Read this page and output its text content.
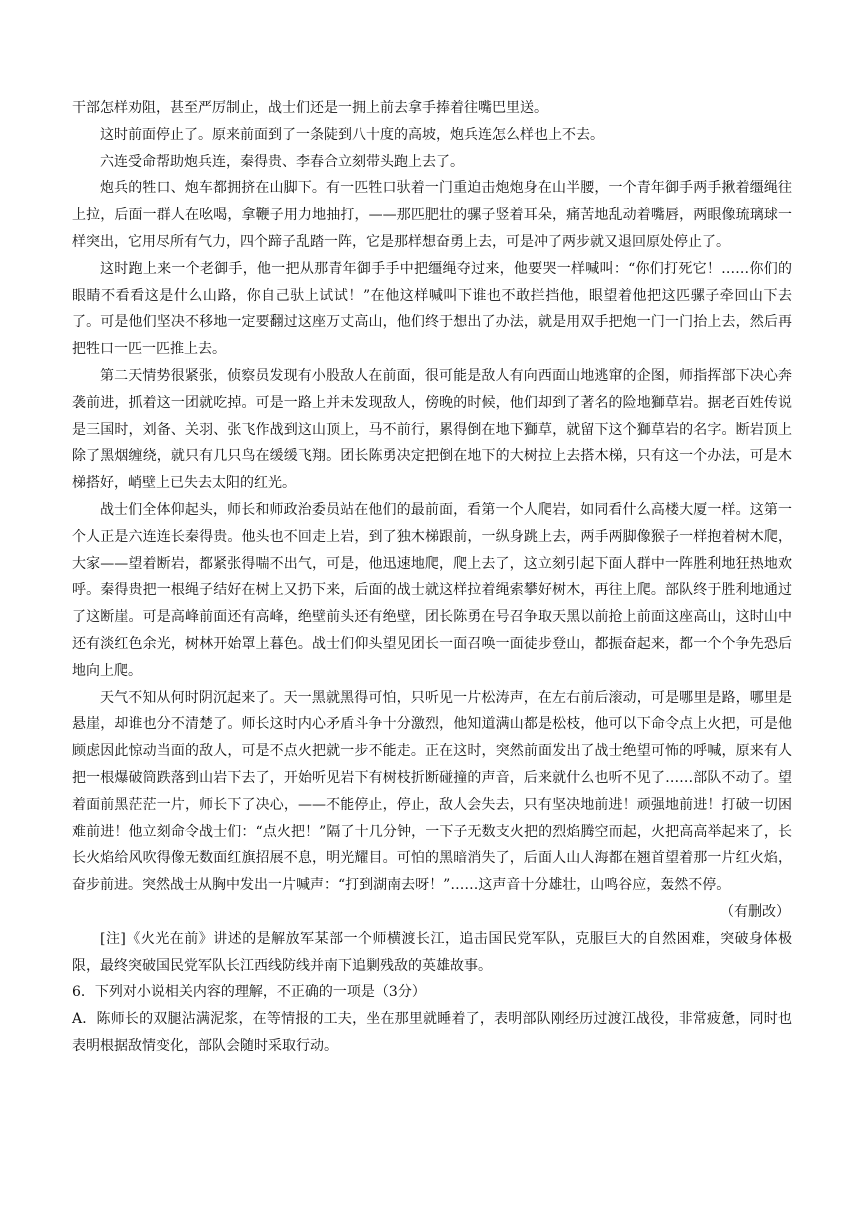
干部怎样劝阻，甚至严厉制止，战士们还是一拥上前去拿手捧着往嘴巴里送。

这时前面停止了。原来前面到了一条陡到八十度的高坡，炮兵连怎么样也上不去。

六连受命帮助炮兵连，秦得贵、李春合立刻带头跑上去了。

炮兵的牲口、炮车都拥挤在山脚下。有一匹牲口驮着一门重迫击炮炮身在山半腰，一个青年御手两手揪着缰绳往上拉，后面一群人在吆喝，拿鞭子用力地抽打，——那匹肥壮的骡子竖着耳朵，痛苦地乱动着嘴唇，两眼像琉璃球一样突出，它用尽所有气力，四个蹄子乱踏一阵，它是那样想奋勇上去，可是冲了两步就又退回原处停止了。

这时跑上来一个老御手，他一把从那青年御手手中把缰绳夺过来，他要哭一样喊叫：“你们打死它！……你们的眼睛不看看这是什么山路，你自己驮上试试！”在他这样喊叫下谁也不敢拦挡他，眼望着他把这匹骡子牵回山下去了。可是他们坚决不移地一定要翻过这座万丈高山，他们终于想出了办法，就是用双手把炮一门一门抬上去，然后再把牲口一匹一匹推上去。

第二天情势很紧张，侦察员发现有小股敌人在前面，很可能是敌人有向西面山地逃窜的企图，师指挥部下决心奔袭前进，抓着这一团就吃掉。可是一路上并未发现敌人，傍晚的时候，他们却到了著名的险地獅草岩。据老百姓传说是三国时，刘备、关羽、张飞作战到这山顶上，马不前行，累得倒在地下獅草，就留下这个獅草岩的名字。断岩顶上除了黑烟缠绕，就只有几只鸟在缓缓飞翔。团长陈勇决定把倒在地下的大树拉上去搭木梯，只有这一个办法，可是木梯搭好，峭壁上已失去太阳的红光。

战士们全体仰起头，师长和师政治委员站在他们的最前面，看第一个人爬岩，如同看什么高楼大厦一样。这第一个人正是六连连长秦得贵。他头也不回走上岩，到了独木梯跟前，一纵身跳上去，两手两脚像猴子一样抱着树木爬，大家——望着断岩，都紧张得喘不出气，可是，他迅速地爬，爬上去了，这立刻引起下面人群中一阵胜利地狂热地欢呼。秦得贵把一根绳子结好在树上又扔下来，后面的战士就这样拉着绳索攀好树木，再往上爬。部队终于胜利地通过了这断崖。可是高峰前面还有高峰，绝壁前头还有绝壁，团长陈勇在号召争取天黑以前抢上前面这座高山，这时山中还有淡红色余光，树林开始罩上暮色。战士们仰头望见团长一面召唤一面徒步登山，都振奋起来，都一个个争先恐后地向上爬。

天气不知从何时阴沉起来了。天一黑就黑得可怕，只听见一片松涛声，在左右前后滚动，可是哪里是路，哪里是悬崖，却谁也分不清楚了。师长这时内心矛盾斗争十分激烈，他知道满山都是松枝，他可以下命令点上火把，可是他顾虑因此惊动当面的敌人，可是不点火把就一步不能走。正在这时，突然前面发出了战士绝望可怖的呼喊，原来有人把一根爆破筒跌落到山岩下去了，开始听见岩下有树枝折断碰撞的声音，后来就什么也听不见了……部队不动了。望着面前黑茫茫一片，师长下了决心，——不能停止，停止，敌人会失去，只有坚决地前进！顽强地前进！打破一切困难前进！他立刻命令战士们：“点火把！”隔了十几分钟，一下子无数支火把的烈焰腾空而起，火把高高举起来了，长长火焰给风吹得像无数面红旗招展不息，明光耀目。可怕的黑暗消失了，后面人山人海都在翘首望着那一片红火焰，奋步前进。突然战士从胸中发出一片喊声：“打到湖南去呀！”……这声音十分雄壮，山鸣谷应，轰然不停。

（有删改）

[注]《火光在前》讲述的是解放军某部一个师横渡长江，追击国民党军队，克服巨大的自然困难，突破身体极限，最终突破国民党军队长江西线防线并南下追剿残敌的英雄故事。

6．下列对小说相关内容的理解，不正确的一项是（3分）

A．陈师长的双腿沾满泥浆，在等情报的工夫，坐在那里就睡着了，表明部队刚经历过渡江战役，非常疲惫，同时也表明根据敌情变化，部队会随时采取行动。
